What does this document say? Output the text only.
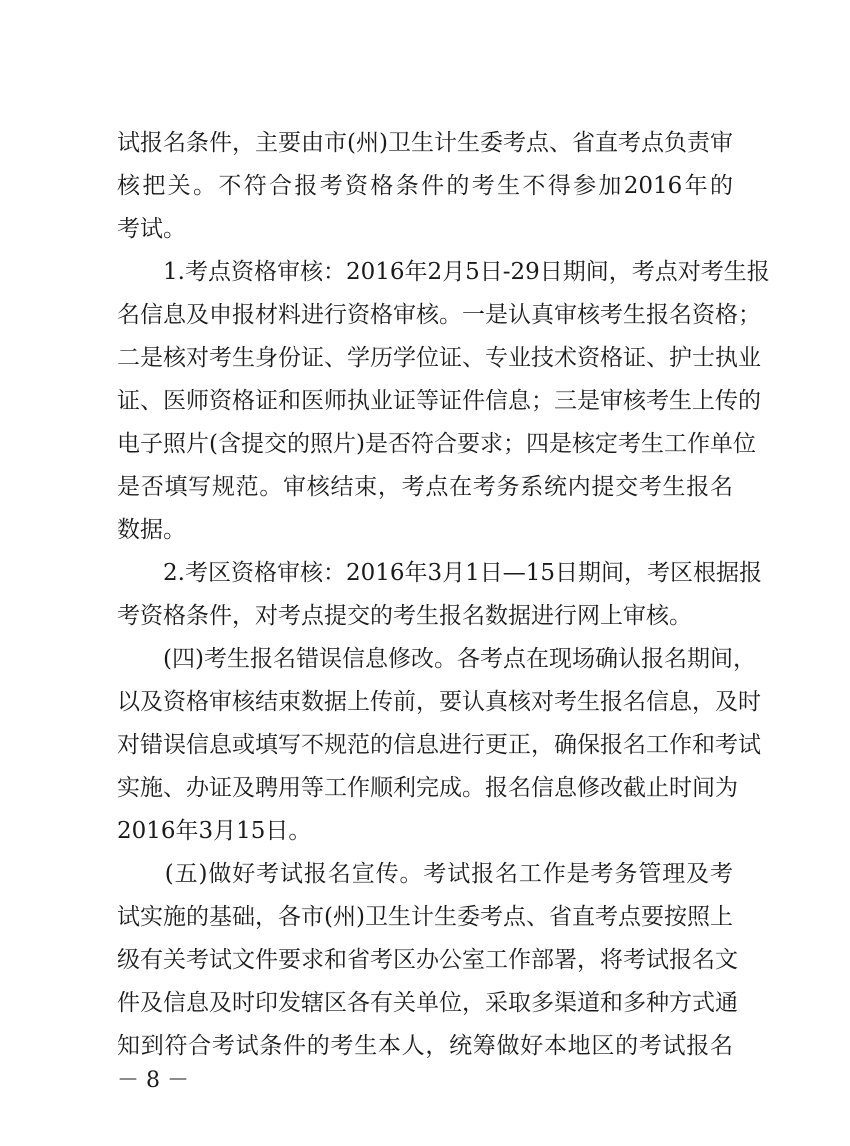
试报名条件，主要由市(州)卫生计生委考点、省直考点负责审
核把关。不符合报考资格条件的考生不得参加2016年的
考试。
　　1.考点资格审核：2016年2月5日-29日期间，考点对考生报
名信息及申报材料进行资格审核。一是认真审核考生报名资格；
二是核对考生身份证、学历学位证、专业技术资格证、护士执业
证、医师资格证和医师执业证等证件信息；三是审核考生上传的
电子照片(含提交的照片)是否符合要求；四是核定考生工作单位
是否填写规范。审核结束，考点在考务系统内提交考生报名
数据。
　　2.考区资格审核：2016年3月1日—15日期间，考区根据报
考资格条件，对考点提交的考生报名数据进行网上审核。
　　(四)考生报名错误信息修改。各考点在现场确认报名期间，
以及资格审核结束数据上传前，要认真核对考生报名信息，及时
对错误信息或填写不规范的信息进行更正，确保报名工作和考试
实施、办证及聘用等工作顺利完成。报名信息修改截止时间为
2016年3月15日。
　　(五)做好考试报名宣传。考试报名工作是考务管理及考
试实施的基础，各市(州)卫生计生委考点、省直考点要按照上
级有关考试文件要求和省考区办公室工作部署，将考试报名文
件及信息及时印发辖区各有关单位，采取多渠道和多种方式通
知到符合考试条件的考生本人，统筹做好本地区的考试报名
－ 8 －
